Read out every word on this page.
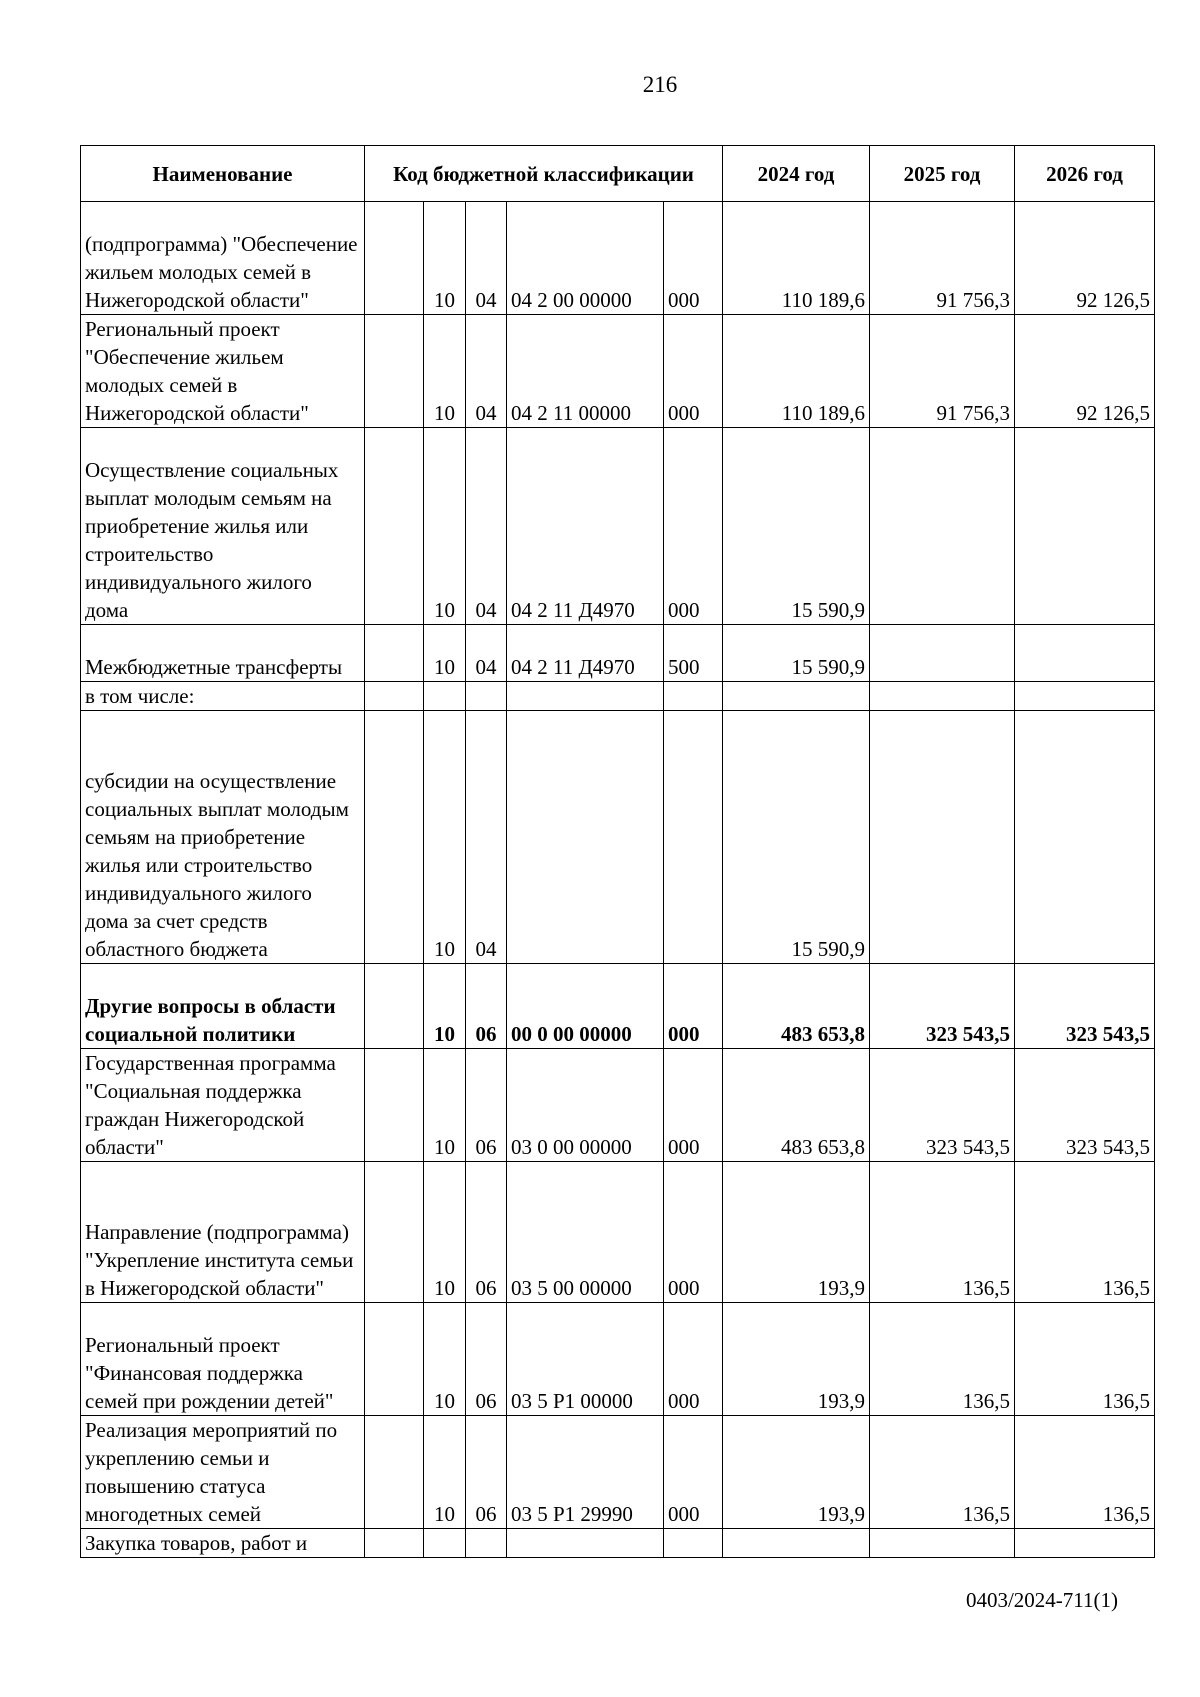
216
Наименование	Код бюджетной классификации					2024 год	2025 год	2026 год
(подпрограмма) "Обеспечение жильем молодых семей в Нижегородской области"		10	04	04 2 00 00000	000	110 189,6	91 756,3	92 126,5
Региональный проект "Обеспечение жильем молодых семей в Нижегородской области"		10	04	04 2 11 00000	000	110 189,6	91 756,3	92 126,5
Осуществление социальных выплат молодым семьям на приобретение жилья или строительство индивидуального жилого дома		10	04	04 2 11 Д4970	000	15 590,9		
Межбюджетные трансферты		10	04	04 2 11 Д4970	500	15 590,9		
в том числе:								
субсидии на осуществление социальных выплат молодым семьям на приобретение жилья или строительство индивидуального жилого дома за счет средств областного бюджета		10	04			15 590,9		
Другие вопросы в области социальной политики		10	06	00 0 00 00000	000	483 653,8	323 543,5	323 543,5
Государственная программа "Социальная поддержка граждан Нижегородской области"		10	06	03 0 00 00000	000	483 653,8	323 543,5	323 543,5
Направление (подпрограмма) "Укрепление института семьи в Нижегородской области"		10	06	03 5 00 00000	000	193,9	136,5	136,5
Региональный проект "Финансовая поддержка семей при рождении детей"		10	06	03 5 Р1 00000	000	193,9	136,5	136,5
Реализация мероприятий по укреплению семьи и повышению статуса многодетных семей		10	06	03 5 Р1 29990	000	193,9	136,5	136,5
Закупка товаров, работ и								
0403/2024-711(1)
